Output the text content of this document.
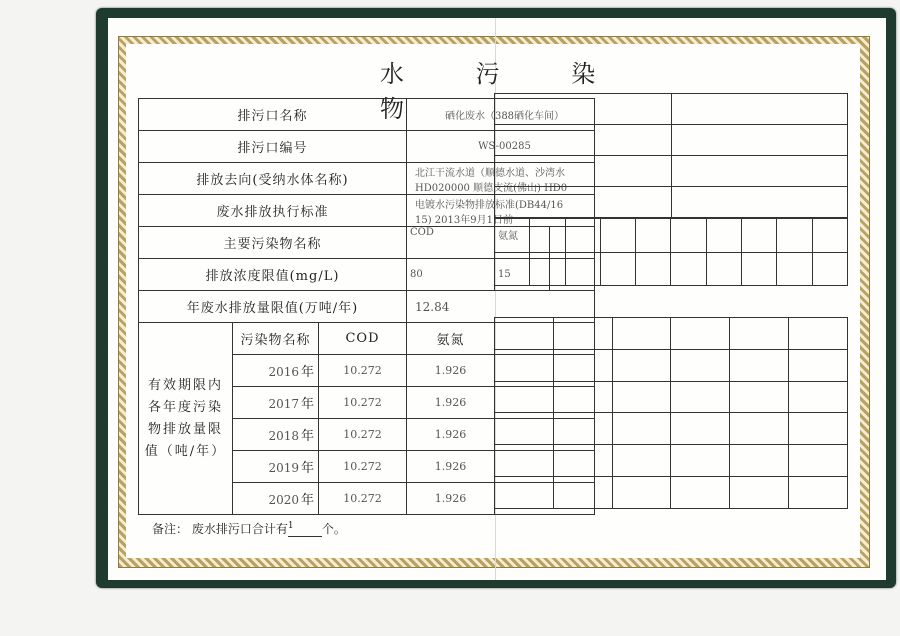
水 污 染 物
排污口名称			硒化废水（388硒化车间）		
排污口编号			WS-00285		
排放去向(受纳水体名称)			北江干流水道（顺德水道、沙湾水
HD020000 顺德支流(佛山) HD0		

废水排放执行标准			电镀水污染物排放标准(DB44/16
15) 2013年9月1日前		

主要污染物名称			COD	氨氮	
排放浓度限值(mg/L)			80	15	
年废水排放量限值(万吨/年)			12.84		

有效期限内
各年度污染
物排放量限
值（吨/年）	污染物名称	COD	氨氮		
	2016 年	10.272	1.926		
	2017 年	10.272	1.926		
	2018 年	10.272	1.926		
	2019 年	10.272	1.926		
	2020 年	10.272	1.926		
备注： 废水排污口合计有$^1$ 个。
